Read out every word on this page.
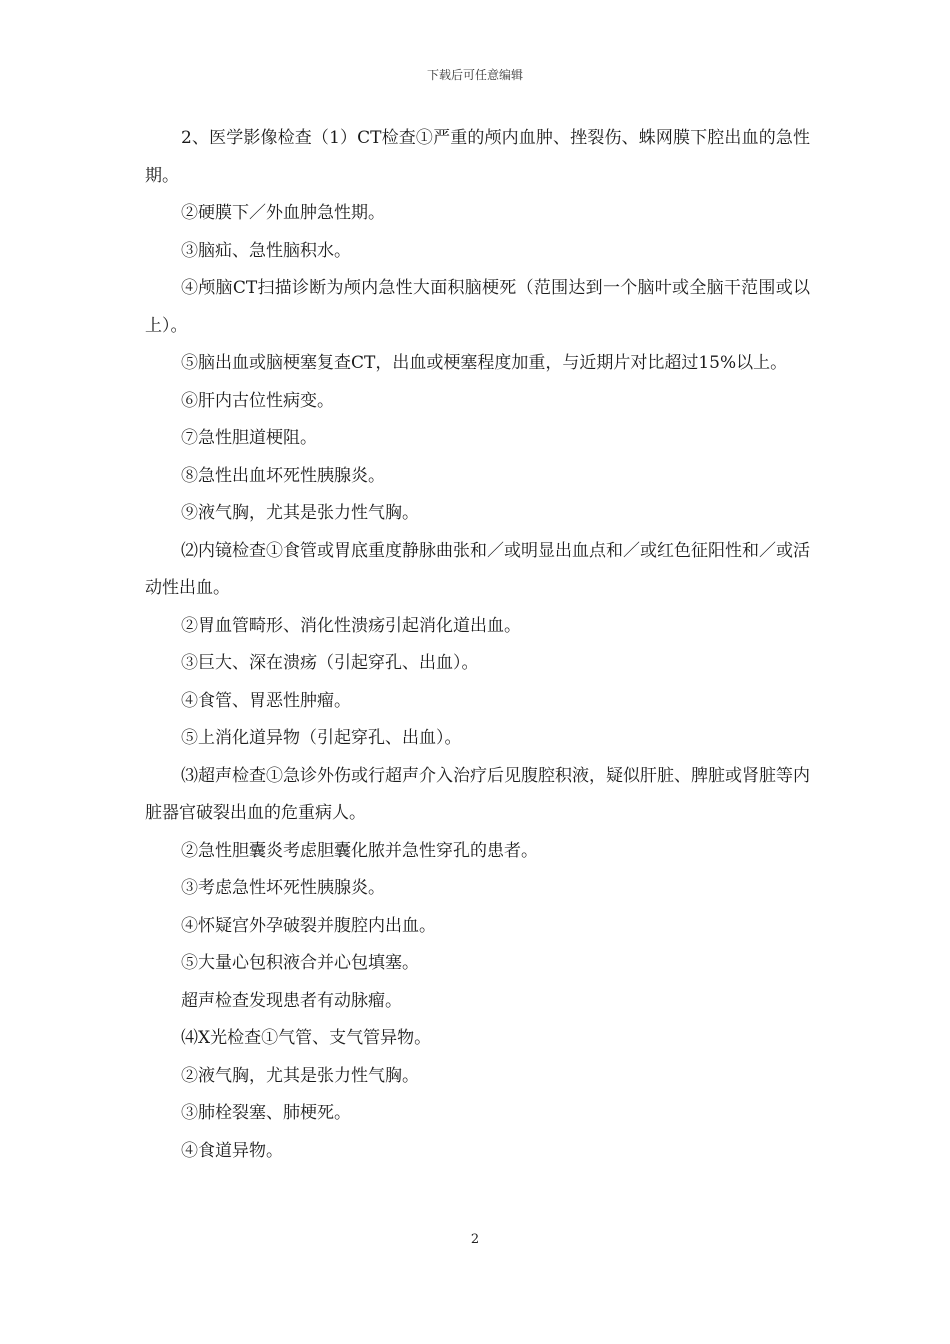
下载后可任意编辑

2、医学影像检查（1）CT检查①严重的颅内血肿、挫裂伤、蛛网膜下腔出血的急性期。

②硬膜下／外血肿急性期。

③脑疝、急性脑积水。

④颅脑CT扫描诊断为颅内急性大面积脑梗死（范围达到一个脑叶或全脑干范围或以上）。

⑤脑出血或脑梗塞复查CT，出血或梗塞程度加重，与近期片对比超过15%以上。

⑥肝内古位性病变。

⑦急性胆道梗阻。

⑧急性出血坏死性胰腺炎。

⑨液气胸，尤其是张力性气胸。

⑵内镜检查①食管或胃底重度静脉曲张和／或明显出血点和／或红色征阳性和／或活动性出血。

②胃血管畸形、消化性溃疡引起消化道出血。

③巨大、深在溃疡（引起穿孔、出血）。

④食管、胃恶性肿瘤。

⑤上消化道异物（引起穿孔、出血）。

⑶超声检查①急诊外伤或行超声介入治疗后见腹腔积液，疑似肝脏、脾脏或肾脏等内脏器官破裂出血的危重病人。

②急性胆囊炎考虑胆囊化脓并急性穿孔的患者。

③考虑急性坏死性胰腺炎。

④怀疑宫外孕破裂并腹腔内出血。

⑤大量心包积液合并心包填塞。

超声检查发现患者有动脉瘤。

⑷X光检查①气管、支气管异物。

②液气胸，尤其是张力性气胸。

③肺栓裂塞、肺梗死。

④食道异物。

2
